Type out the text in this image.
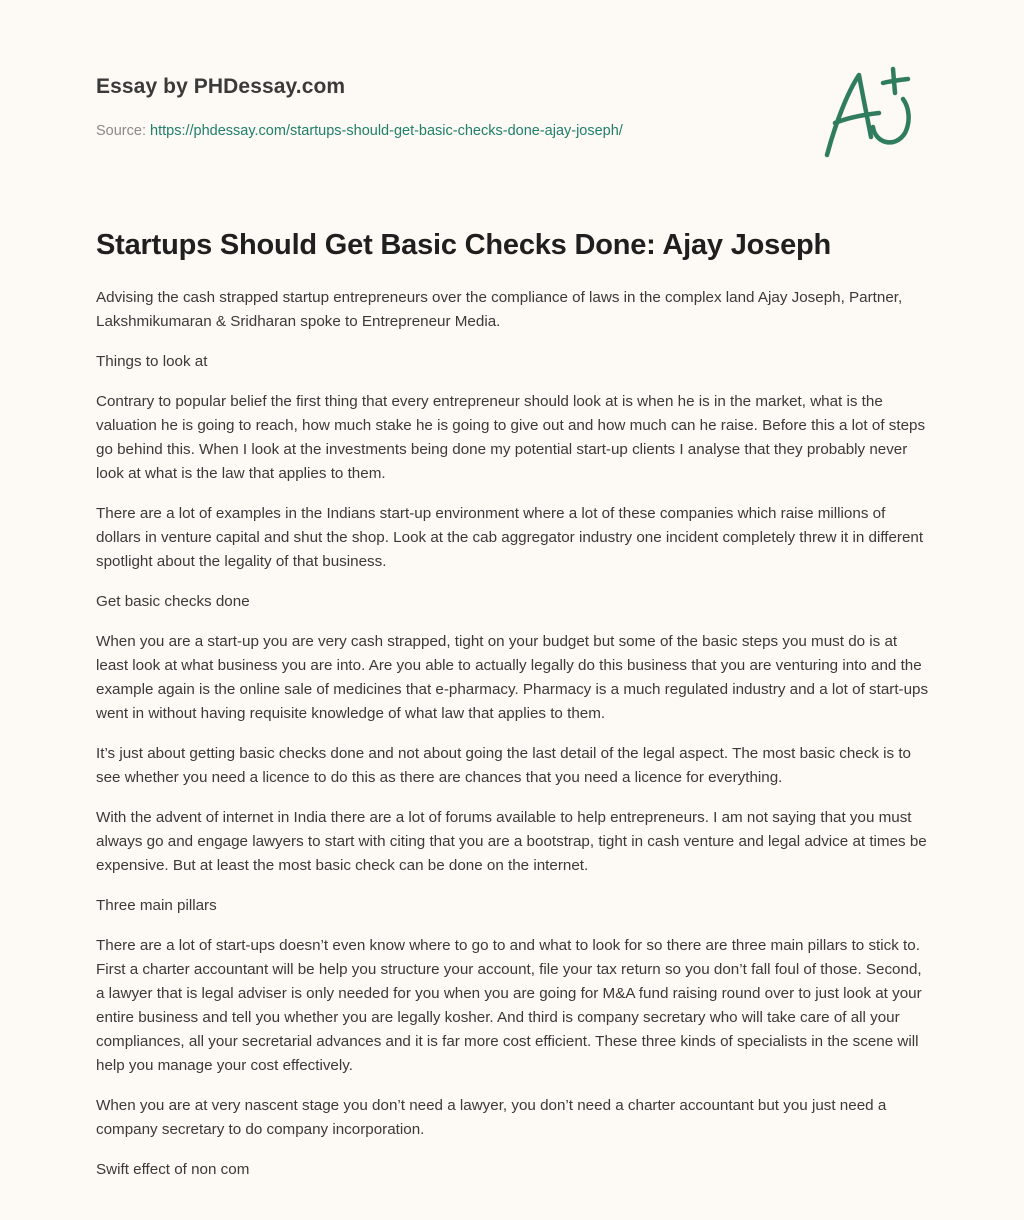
Essay by PHDessay.com
Source: https://phdessay.com/startups-should-get-basic-checks-done-ajay-joseph/
Startups Should Get Basic Checks Done: Ajay Joseph

Advising the cash strapped startup entrepreneurs over the compliance of laws in the complex land Ajay Joseph, Partner, Lakshmikumaran & Sridharan spoke to Entrepreneur Media.

Things to look at

Contrary to popular belief the first thing that every entrepreneur should look at is when he is in the market, what is the valuation he is going to reach, how much stake he is going to give out and how much can he raise. Before this a lot of steps go behind this. When I look at the investments being done my potential start-up clients I analyse that they probably never look at what is the law that applies to them.

There are a lot of examples in the Indians start-up environment where a lot of these companies which raise millions of dollars in venture capital and shut the shop. Look at the cab aggregator industry one incident completely threw it in different spotlight about the legality of that business.

Get basic checks done

When you are a start-up you are very cash strapped, tight on your budget but some of the basic steps you must do is at least look at what business you are into. Are you able to actually legally do this business that you are venturing into and the example again is the online sale of medicines that e-pharmacy. Pharmacy is a much regulated industry and a lot of start-ups went in without having requisite knowledge of what law that applies to them.

It’s just about getting basic checks done and not about going the last detail of the legal aspect. The most basic check is to see whether you need a licence to do this as there are chances that you need a licence for everything.

With the advent of internet in India there are a lot of forums available to help entrepreneurs. I am not saying that you must always go and engage lawyers to start with citing that you are a bootstrap, tight in cash venture and legal advice at times be expensive. But at least the most basic check can be done on the internet.

Three main pillars

There are a lot of start-ups doesn’t even know where to go to and what to look for so there are three main pillars to stick to. First a charter accountant will be help you structure your account, file your tax return so you don’t fall foul of those. Second, a lawyer that is legal adviser is only needed for you when you are going for M&A fund raising round over to just look at your entire business and tell you whether you are legally kosher. And third is company secretary who will take care of all your compliances, all your secretarial advances and it is far more cost efficient. These three kinds of specialists in the scene will help you manage your cost effectively.

When you are at very nascent stage you don’t need a lawyer, you don’t need a charter accountant but you just need a company secretary to do company incorporation.

Swift effect of non com
